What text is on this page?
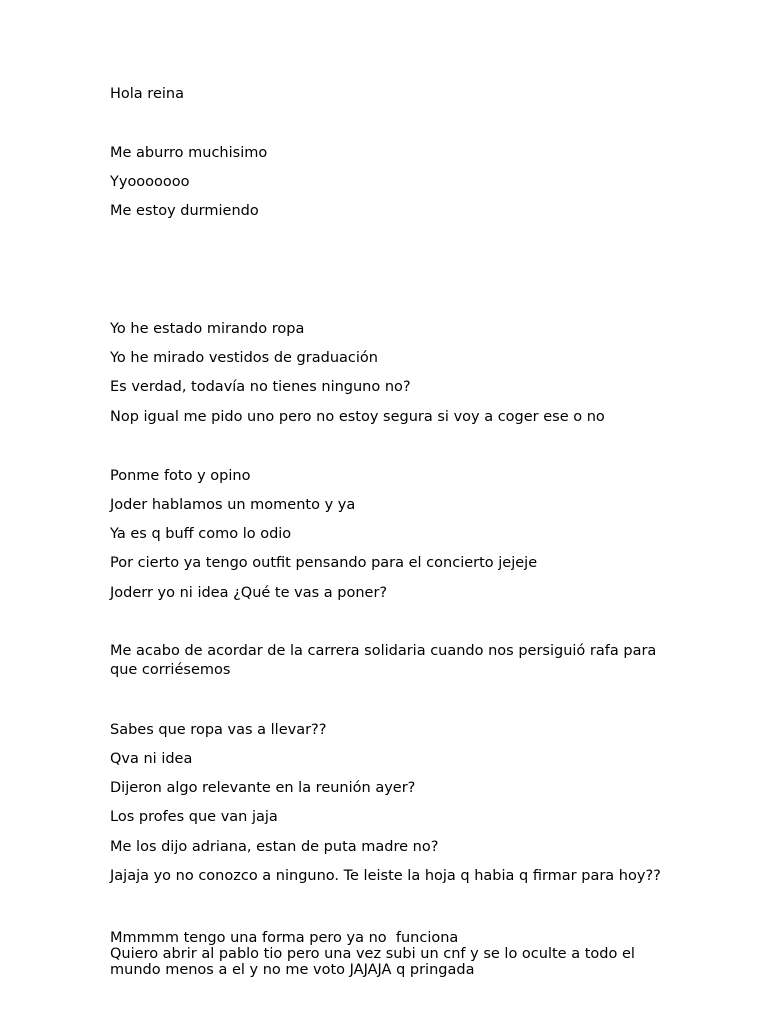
Hola reina

Me aburro muchisimo

Yyooooooo

Me estoy durmiendo

Yo he estado mirando ropa

Yo he mirado vestidos de graduación

Es verdad, todavía no tienes ninguno no?

Nop igual me pido uno pero no estoy segura si voy a coger ese o no

Ponme foto y opino

Joder hablamos un momento y ya

Ya es q buff como lo odio

Por cierto ya tengo outfit pensando para el concierto jejeje

Joderr yo ni idea ¿Qué te vas a poner?

Me acabo de acordar de la carrera solidaria cuando nos persiguió rafa para que corriésemos

Sabes que ropa vas a llevar??

Qva ni idea

Dijeron algo relevante en la reunión ayer?

Los profes que van jaja

Me los dijo adriana, estan de puta madre no?

Jajaja yo no conozco a ninguno. Te leiste la hoja q habia q firmar para hoy??

Mmmmm tengo una forma pero ya no  funciona

Quiero abrir al pablo tio pero una vez subi un cnf y se lo oculte a todo el mundo menos a el y no me voto JAJAJA q pringada
